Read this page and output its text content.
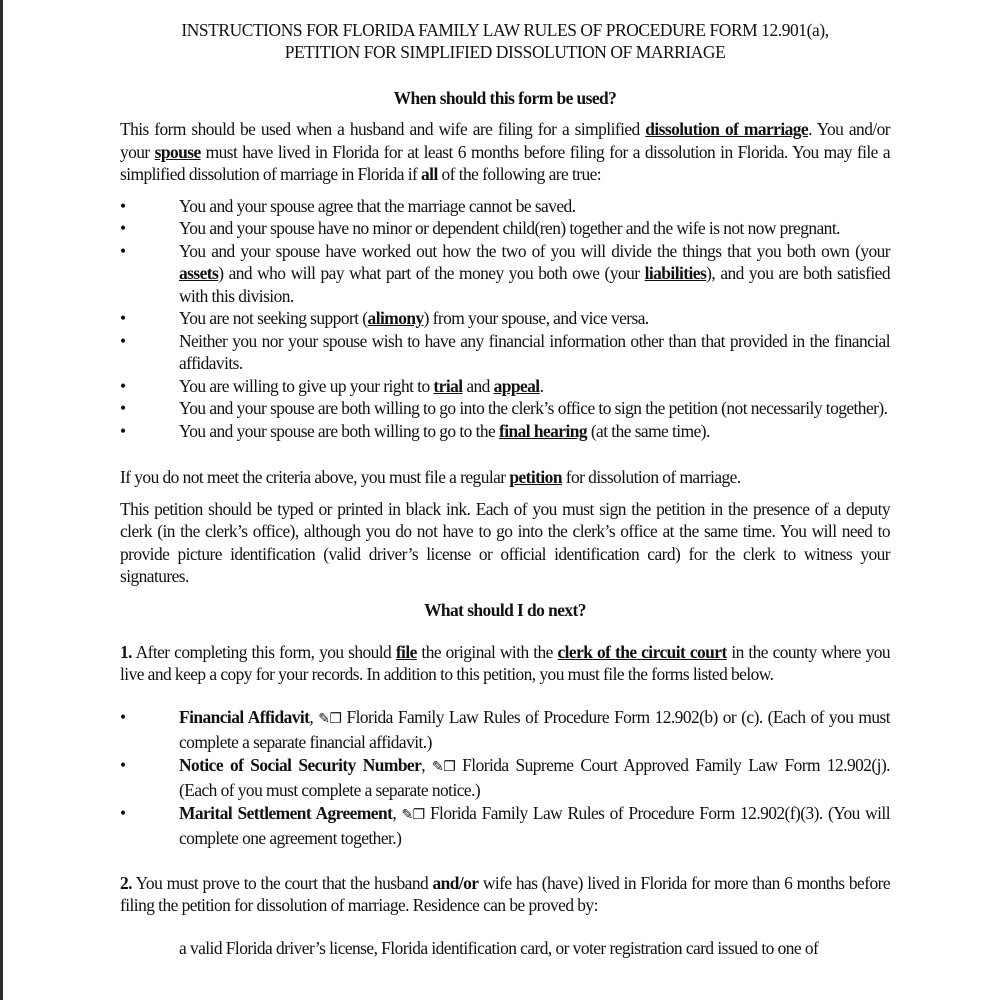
INSTRUCTIONS FOR FLORIDA FAMILY LAW RULES OF PROCEDURE FORM 12.901(a),

PETITION FOR SIMPLIFIED DISSOLUTION OF MARRIAGE

When should this form be used?

This form should be used when a husband and wife are filing for a simplified dissolution of marriage. You and/or your spouse must have lived in Florida for at least 6 months before filing for a dissolution in Florida. You may file a simplified dissolution of marriage in Florida if all of the following are true:

•	You and your spouse agree that the marriage cannot be saved.
•	You and your spouse have no minor or dependent child(ren) together and the wife is not now pregnant.
•	You and your spouse have worked out how the two of you will divide the things that you both own (your assets) and who will pay what part of the money you both owe (your liabilities), and you are both satisfied with this division.
•	You are not seeking support (alimony) from your spouse, and vice versa.
•	Neither you nor your spouse wish to have any financial information other than that provided in the financial affidavits.
•	You are willing to give up your right to trial and appeal.
•	You and your spouse are both willing to go into the clerk’s office to sign the petition (not necessarily together).
•	You and your spouse are both willing to go to the final hearing (at the same time).

If you do not meet the criteria above, you must file a regular petition for dissolution of marriage.

This petition should be typed or printed in black ink. Each of you must sign the petition in the presence of a deputy clerk (in the clerk’s office), although you do not have to go into the clerk’s office at the same time. You will need to provide picture identification (valid driver’s license or official identification card) for the clerk to witness your signatures.

What should I do next?

1. After completing this form, you should file the original with the clerk of the circuit court in the county where you live and keep a copy for your records. In addition to this petition, you must file the forms listed below.

•	Financial Affidavit, ✎❐ Florida Family Law Rules of Procedure Form 12.902(b) or (c). (Each of you must complete a separate financial affidavit.)
•	Notice of Social Security Number, ✎❐ Florida Supreme Court Approved Family Law Form 12.902(j). (Each of you must complete a separate notice.)
•	Marital Settlement Agreement, ✎❐ Florida Family Law Rules of Procedure Form 12.902(f)(3). (You will complete one agreement together.)

2. You must prove to the court that the husband and/or wife has (have) lived in Florida for more than 6 months before filing the petition for dissolution of marriage. Residence can be proved by:

a valid Florida driver’s license, Florida identification card, or voter registration card issued to one of
